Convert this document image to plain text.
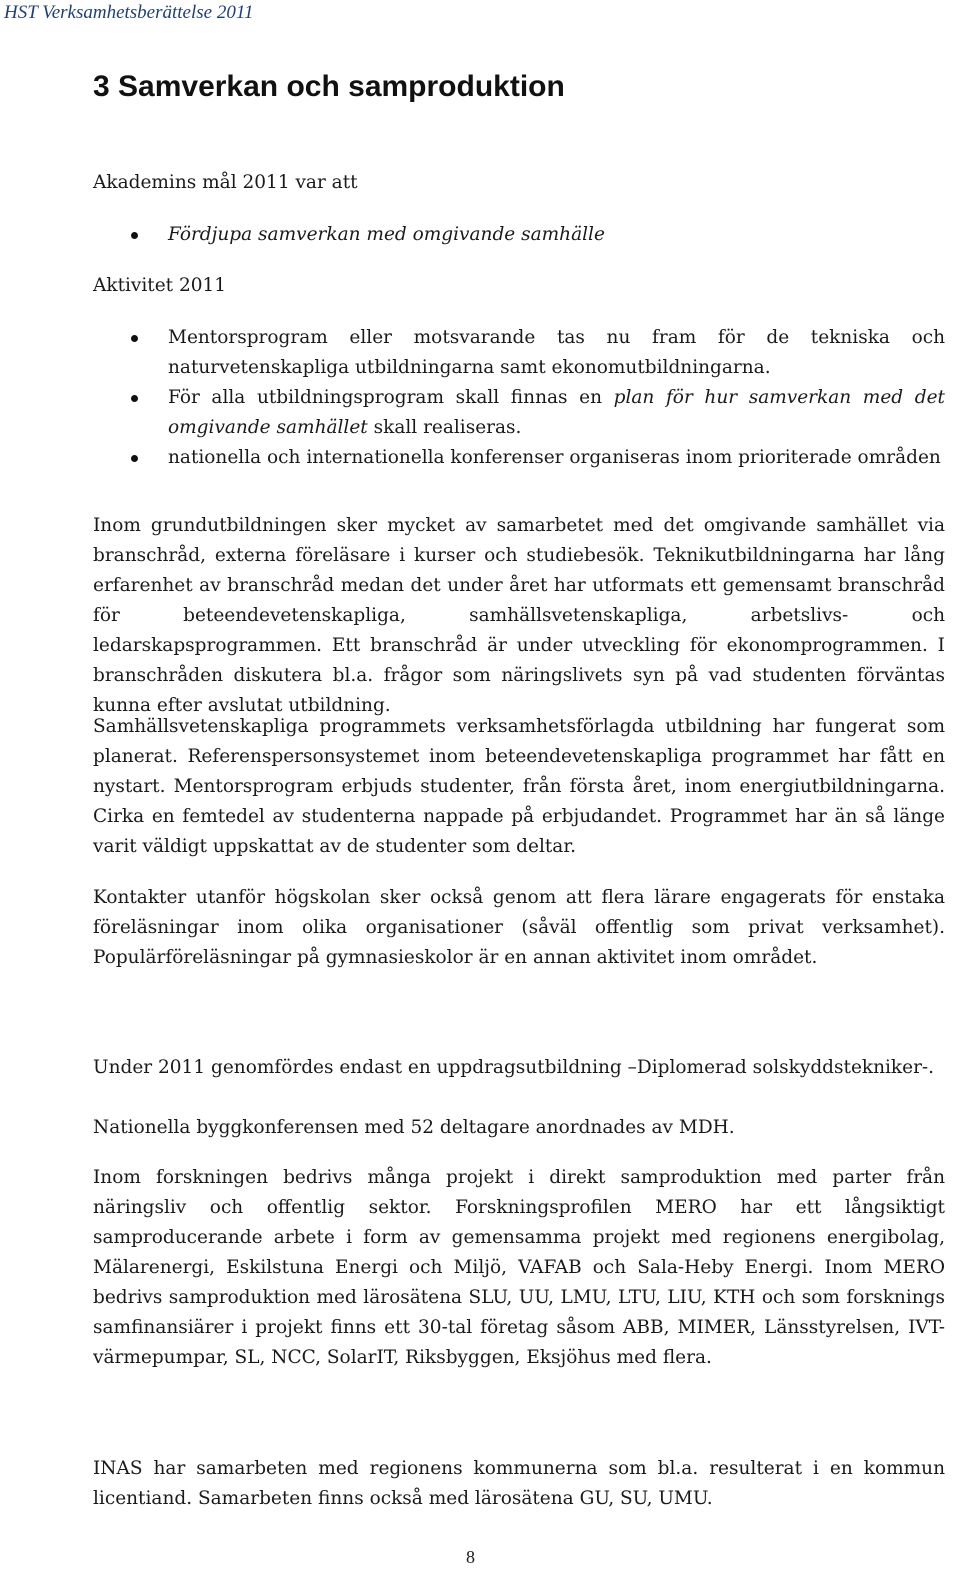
HST Verksamhetsberättelse 2011
3 Samverkan och samproduktion

Akademins mål 2011 var att

Fördjupa samverkan med omgivande samhälle

Aktivitet 2011

Mentorsprogram eller motsvarande tas nu fram för de tekniska och naturvetenskapliga utbildningarna samt ekonomutbildningarna.
För alla utbildningsprogram skall finnas en plan för hur samverkan med det omgivande samhället skall realiseras.
nationella och internationella konferenser organiseras inom prioriterade områden

Inom grundutbildningen sker mycket av samarbetet med det omgivande samhället via branschråd, externa föreläsare i kurser och studiebesök. Teknikutbildningarna har lång erfarenhet av branschråd medan det under året har utformats ett gemensamt branschråd för beteendevetenskapliga, samhällsvetenskapliga, arbetslivs- och ledarskapsprogrammen. Ett branschråd är under utveckling för ekonomprogrammen. I branschråden diskutera bl.a. frågor som näringslivets syn på vad studenten förväntas kunna efter avslutat utbildning.

Samhällsvetenskapliga programmets verksamhetsförlagda utbildning har fungerat som planerat. Referenspersonsystemet inom beteendevetenskapliga programmet har fått en nystart. Mentorsprogram erbjuds studenter, från första året, inom energiutbildningarna. Cirka en femtedel av studenterna nappade på erbjudandet. Programmet har än så länge varit väldigt uppskattat av de studenter som deltar.

Kontakter utanför högskolan sker också genom att flera lärare engagerats för enstaka föreläsningar inom olika organisationer (såväl offentlig som privat verksamhet). Populärföreläsningar på gymnasieskolor är en annan aktivitet inom området.

Under 2011 genomfördes endast en uppdragsutbildning –Diplomerad solskyddstekniker-.

Nationella byggkonferensen med 52 deltagare anordnades av MDH.

Inom forskningen bedrivs många projekt i direkt samproduktion med parter från näringsliv och offentlig sektor. Forskningsprofilen MERO har ett långsiktigt samproducerande arbete i form av gemensamma projekt med regionens energibolag, Mälarenergi, Eskilstuna Energi och Miljö, VAFAB och Sala-Heby Energi. Inom MERO bedrivs samproduktion med lärosätena SLU, UU, LMU, LTU, LIU, KTH och som forsknings samfinansiärer i projekt finns ett 30-tal företag såsom ABB, MIMER, Länsstyrelsen, IVT-värmepumpar, SL, NCC, SolarIT, Riksbyggen, Eksjöhus med flera.

INAS har samarbeten med regionens kommunerna som bl.a. resulterat i en kommun licentiand. Samarbeten finns också med lärosätena GU, SU, UMU.

8
